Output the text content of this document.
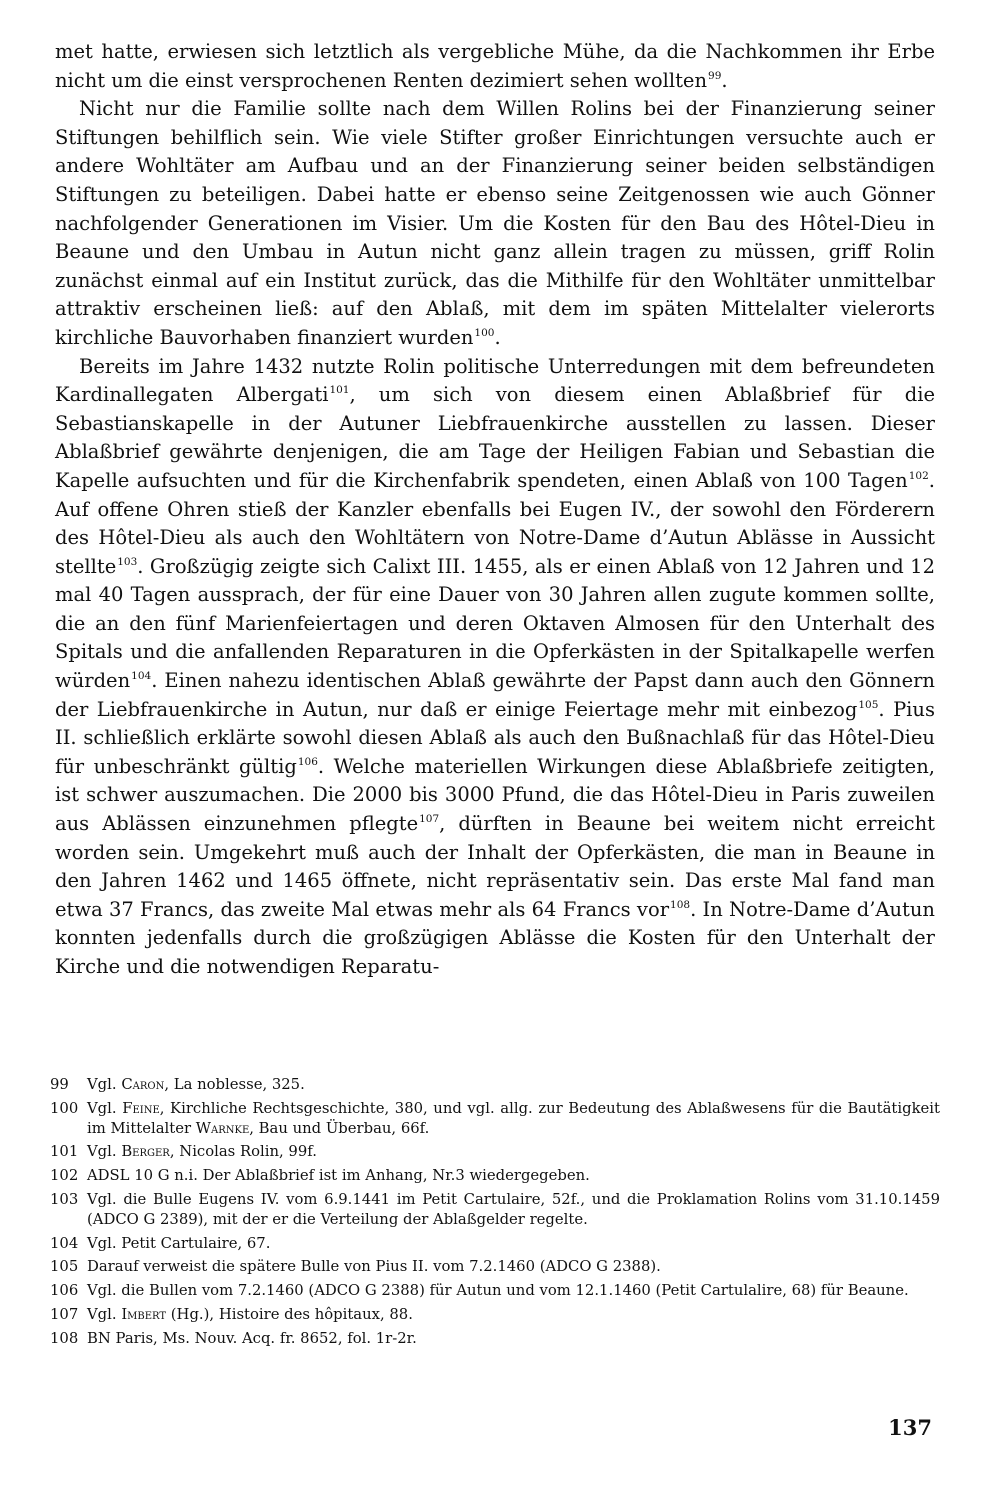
met hatte, erwiesen sich letztlich als vergebliche Mühe, da die Nachkommen ihr Erbe nicht um die einst versprochenen Renten dezimiert sehen wollten$^{99}$.

Nicht nur die Familie sollte nach dem Willen Rolins bei der Finanzierung seiner Stiftungen behilflich sein. Wie viele Stifter großer Einrichtungen versuchte auch er andere Wohltäter am Aufbau und an der Finanzierung seiner beiden selbständigen Stiftungen zu beteiligen. Dabei hatte er ebenso seine Zeitgenossen wie auch Gönner nachfolgender Generationen im Visier. Um die Kosten für den Bau des Hôtel-Dieu in Beaune und den Umbau in Autun nicht ganz allein tragen zu müssen, griff Rolin zunächst einmal auf ein Institut zurück, das die Mithilfe für den Wohltäter unmittelbar attraktiv erscheinen ließ: auf den Ablaß, mit dem im späten Mittelalter vielerorts kirchliche Bauvorhaben finanziert wurden$^{100}$.

Bereits im Jahre 1432 nutzte Rolin politische Unterredungen mit dem befreundeten Kardinallegaten Albergati$^{101}$, um sich von diesem einen Ablaßbrief für die Sebastianskapelle in der Autuner Liebfrauenkirche ausstellen zu lassen. Dieser Ablaßbrief gewährte denjenigen, die am Tage der Heiligen Fabian und Sebastian die Kapelle aufsuchten und für die Kirchenfabrik spendeten, einen Ablaß von 100 Tagen$^{102}$. Auf offene Ohren stieß der Kanzler ebenfalls bei Eugen IV., der sowohl den Förderern des Hôtel-Dieu als auch den Wohltätern von Notre-Dame d’Autun Ablässe in Aussicht stellte$^{103}$. Großzügig zeigte sich Calixt III. 1455, als er einen Ablaß von 12 Jahren und 12 mal 40 Tagen aussprach, der für eine Dauer von 30 Jahren allen zugute kommen sollte, die an den fünf Marienfeiertagen und deren Oktaven Almosen für den Unterhalt des Spitals und die anfallenden Reparaturen in die Opferkästen in der Spitalkapelle werfen würden$^{104}$. Einen nahezu identischen Ablaß gewährte der Papst dann auch den Gönnern der Liebfrauenkirche in Autun, nur daß er einige Feiertage mehr mit einbezog$^{105}$. Pius II. schließlich erklärte sowohl diesen Ablaß als auch den Bußnachlaß für das Hôtel-Dieu für unbeschränkt gültig$^{106}$. Welche materiellen Wirkungen diese Ablaßbriefe zeitigten, ist schwer auszumachen. Die 2000 bis 3000 Pfund, die das Hôtel-Dieu in Paris zuweilen aus Ablässen einzunehmen pflegte$^{107}$, dürften in Beaune bei weitem nicht erreicht worden sein. Umgekehrt muß auch der Inhalt der Opferkästen, die man in Beaune in den Jahren 1462 und 1465 öffnete, nicht repräsentativ sein. Das erste Mal fand man etwa 37 Francs, das zweite Mal etwas mehr als 64 Francs vor$^{108}$. In Notre-Dame d’Autun konnten jedenfalls durch die großzügigen Ablässe die Kosten für den Unterhalt der Kirche und die notwendigen Reparatu-

99	Vgl. Caron, La noblesse, 325.
100 Vgl. Feine, Kirchliche Rechtsgeschichte, 380, und vgl. allg. zur Bedeutung des Ablaßwesens für die Bautätigkeit im Mittelalter Warnke, Bau und Überbau, 66f.
101 Vgl. Berger, Nicolas Rolin, 99f.
102 ADSL 10 G n.i. Der Ablaßbrief ist im Anhang, Nr.3 wiedergegeben.
103 Vgl. die Bulle Eugens IV. vom 6.9.1441 im Petit Cartulaire, 52f., und die Proklamation Rolins vom 31.10.1459 (ADCO G 2389), mit der er die Verteilung der Ablaßgelder regelte.
104 Vgl. Petit Cartulaire, 67.
105 Darauf verweist die spätere Bulle von Pius II. vom 7.2.1460 (ADCO G 2388).
106 Vgl. die Bullen vom 7.2.1460 (ADCO G 2388) für Autun und vom 12.1.1460 (Petit Cartulalire, 68) für Beaune.
107 Vgl. Imbert (Hg.), Histoire des hôpitaux, 88.
108 BN Paris, Ms. Nouv. Acq. fr. 8652, fol. 1r-2r.
137
